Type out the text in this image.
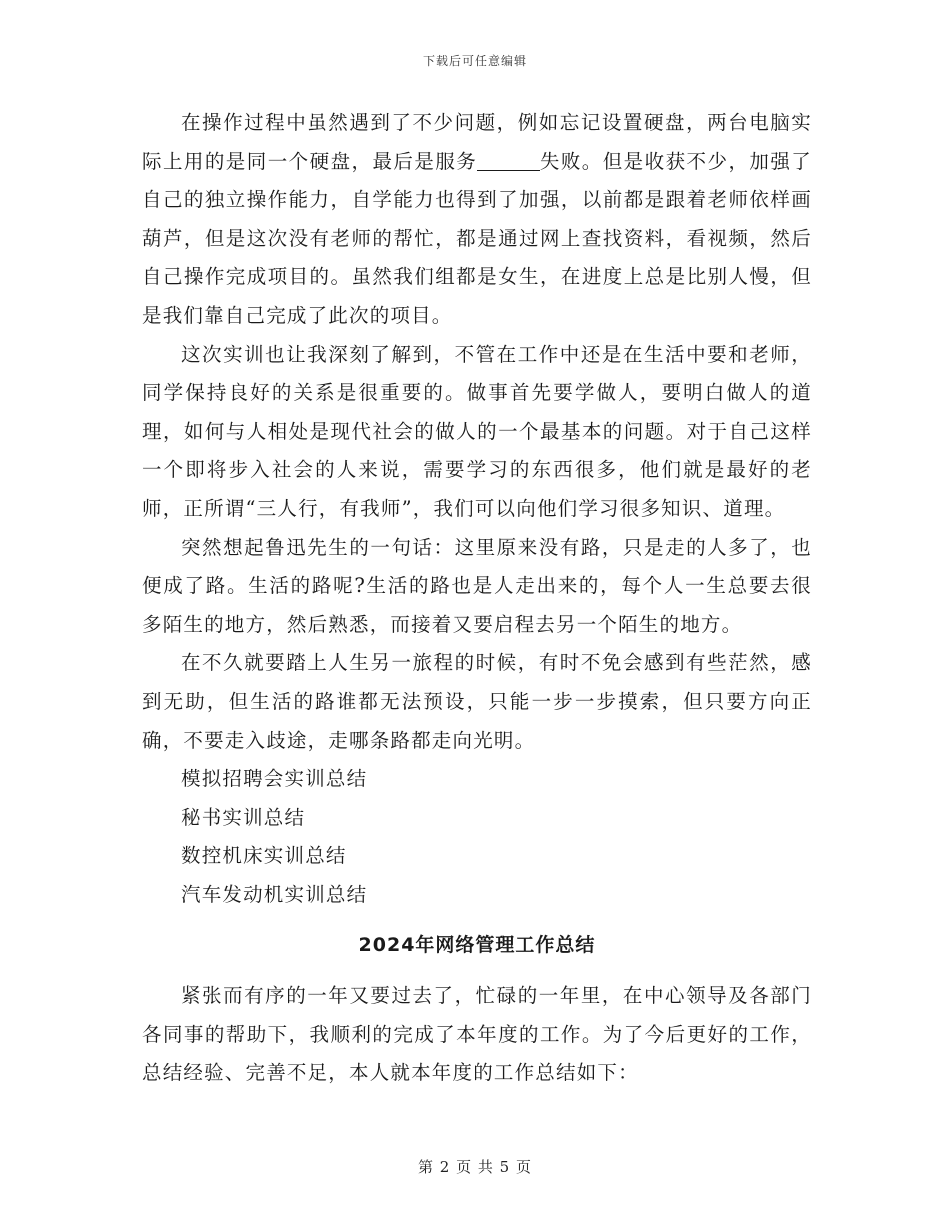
下载后可任意编辑

在操作过程中虽然遇到了不少问题，例如忘记设置硬盘，两台电脑实际上用的是同一个硬盘，最后是服务	失败。但是收获不少，加强了自己的独立操作能力，自学能力也得到了加强，以前都是跟着老师依样画葫芦，但是这次没有老师的帮忙，都是通过网上查找资料，看视频，然后自己操作完成项目的。虽然我们组都是女生，在进度上总是比别人慢，但是我们靠自己完成了此次的项目。

这次实训也让我深刻了解到，不管在工作中还是在生活中要和老师，同学保持良好的关系是很重要的。做事首先要学做人，要明白做人的道理，如何与人相处是现代社会的做人的一个最基本的问题。对于自己这样一个即将步入社会的人来说，需要学习的东西很多，他们就是最好的老师，正所谓“三人行，有我师”，我们可以向他们学习很多知识、道理。

突然想起鲁迅先生的一句话：这里原来没有路，只是走的人多了，也便成了路。生活的路呢?生活的路也是人走出来的，每个人一生总要去很多陌生的地方，然后熟悉，而接着又要启程去另一个陌生的地方。

在不久就要踏上人生另一旅程的时候，有时不免会感到有些茫然，感到无助，但生活的路谁都无法预设，只能一步一步摸索，但只要方向正确，不要走入歧途，走哪条路都走向光明。

模拟招聘会实训总结

秘书实训总结

数控机床实训总结

汽车发动机实训总结

2024年网络管理工作总结

紧张而有序的一年又要过去了，忙碌的一年里，在中心领导及各部门各同事的帮助下，我顺利的完成了本年度的工作。为了今后更好的工作，总结经验、完善不足，本人就本年度的工作总结如下：

第 2 页 共 5 页
